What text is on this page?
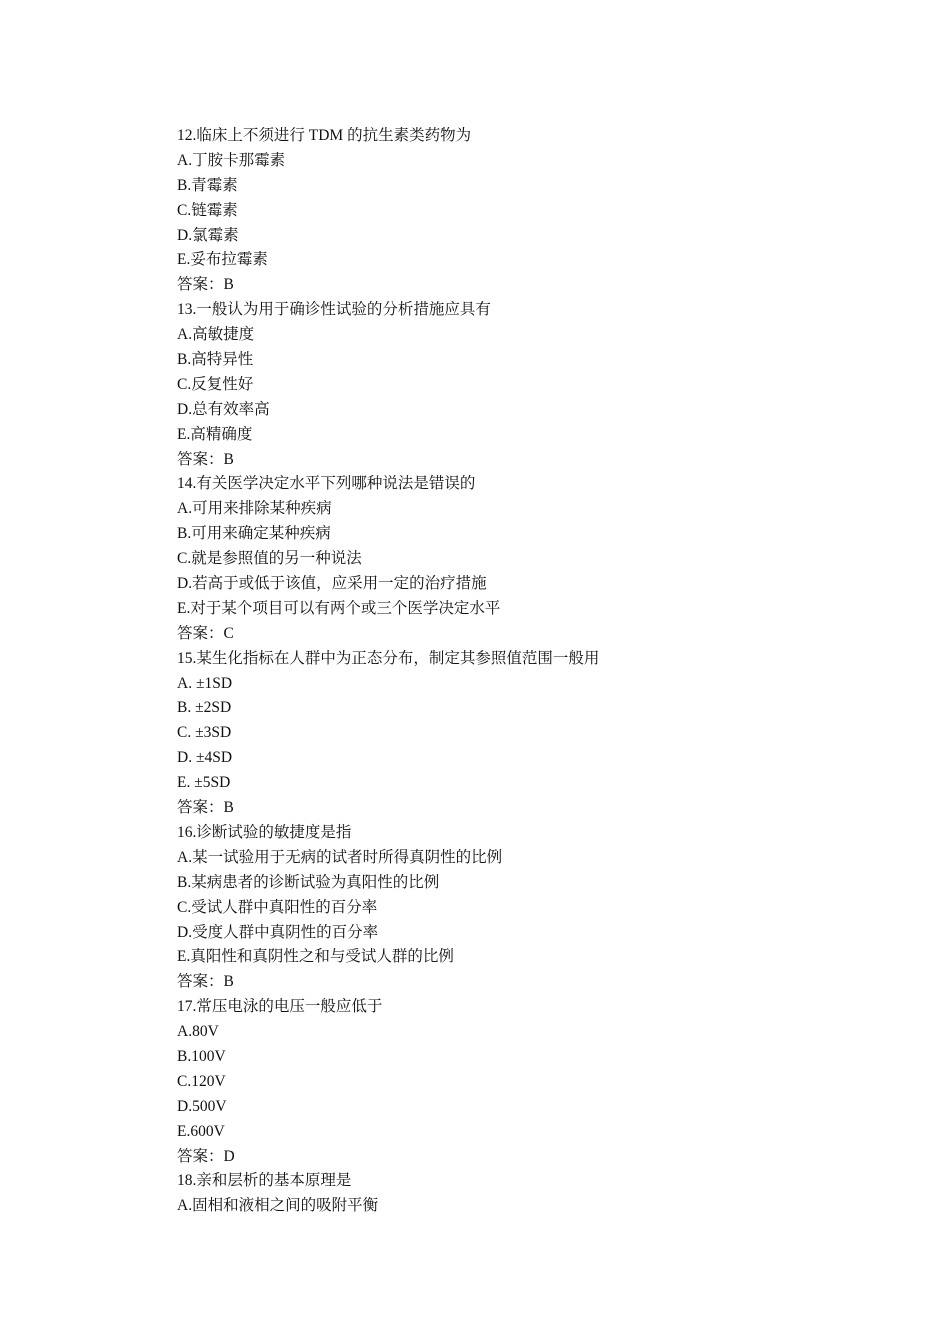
12.临床上不须进行 TDM 的抗生素类药物为
A.丁胺卡那霉素
B.青霉素
C.链霉素
D.氯霉素
E.妥布拉霉素
答案：B
13.一般认为用于确诊性试验的分析措施应具有
A.高敏捷度
B.高特异性
C.反复性好
D.总有效率高
E.高精确度
答案：B
14.有关医学决定水平下列哪种说法是错误的
A.可用来排除某种疾病
B.可用来确定某种疾病
C.就是参照值的另一种说法
D.若高于或低于该值，应采用一定的治疗措施
E.对于某个项目可以有两个或三个医学决定水平
答案：C
15.某生化指标在人群中为正态分布，制定其参照值范围一般用
A. ±1SD
B. ±2SD
C. ±3SD
D. ±4SD
E. ±5SD
答案：B
16.诊断试验的敏捷度是指
A.某一试验用于无病的试者时所得真阴性的比例
B.某病患者的诊断试验为真阳性的比例
C.受试人群中真阳性的百分率
D.受度人群中真阴性的百分率
E.真阳性和真阴性之和与受试人群的比例
答案：B
17.常压电泳的电压一般应低于
A.80V
B.100V
C.120V
D.500V
E.600V
答案：D
18.亲和层析的基本原理是
A.固相和液相之间的吸附平衡
